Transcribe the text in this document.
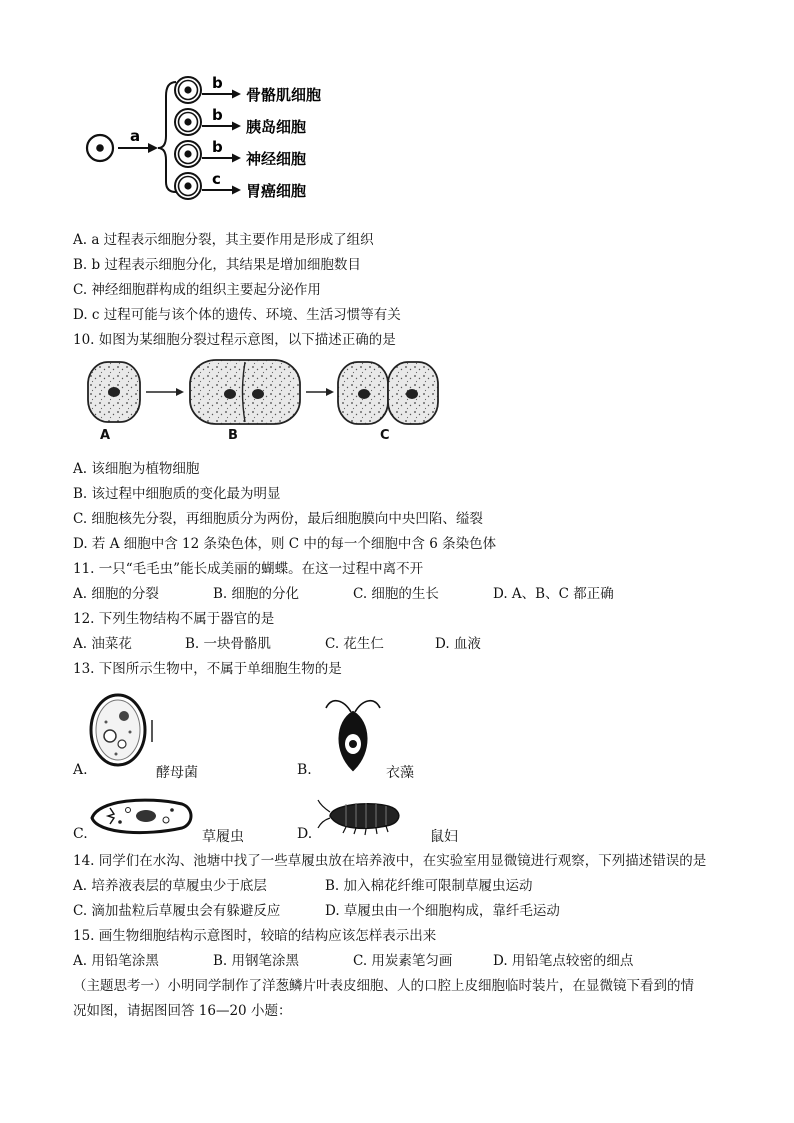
a
b
b
b
c
骨骼肌细胞
胰岛细胞
神经细胞
胃癌细胞
A. a 过程表示细胞分裂，其主要作用是形成了组织
B. b 过程表示细胞分化，其结果是增加细胞数目
C. 神经细胞群构成的组织主要起分泌作用
D. c 过程可能与该个体的遗传、环境、生活习惯等有关
10. 如图为某细胞分裂过程示意图，以下描述正确的是
A	B	C
A. 该细胞为植物细胞
B. 该过程中细胞质的变化最为明显
C. 细胞核先分裂，再细胞质分为两份，最后细胞膜向中央凹陷、缢裂
D. 若 A 细胞中含 12 条染色体，则 C 中的每一个细胞中含 6 条染色体
11. 一只“毛毛虫”能长成美丽的蝴蝶。在这一过程中离不开
A. 细胞的分裂	B. 细胞的分化	C. 细胞的生长	D. A、B、C 都正确
12. 下列生物结构不属于器官的是
A. 油菜花	B. 一块骨骼肌	C. 花生仁	D. 血液
13. 下图所示生物中，不属于单细胞生物的是
A.	酵母菌	B.	衣藻
C.	草履虫	D.	鼠妇
14. 同学们在水沟、池塘中找了一些草履虫放在培养液中，在实验室用显微镜进行观察，下列描述错误的是
A. 培养液表层的草履虫少于底层	B. 加入棉花纤维可限制草履虫运动
C. 滴加盐粒后草履虫会有躲避反应	D. 草履虫由一个细胞构成，靠纤毛运动
15. 画生物细胞结构示意图时，较暗的结构应该怎样表示出来
A. 用铅笔涂黑	B. 用钢笔涂黑	C. 用炭素笔匀画	D. 用铅笔点较密的细点
（主题思考一）小明同学制作了洋葱鳞片叶表皮细胞、人的口腔上皮细胞临时装片，在显微镜下看到的情
况如图，请据图回答 16—20 小题：
